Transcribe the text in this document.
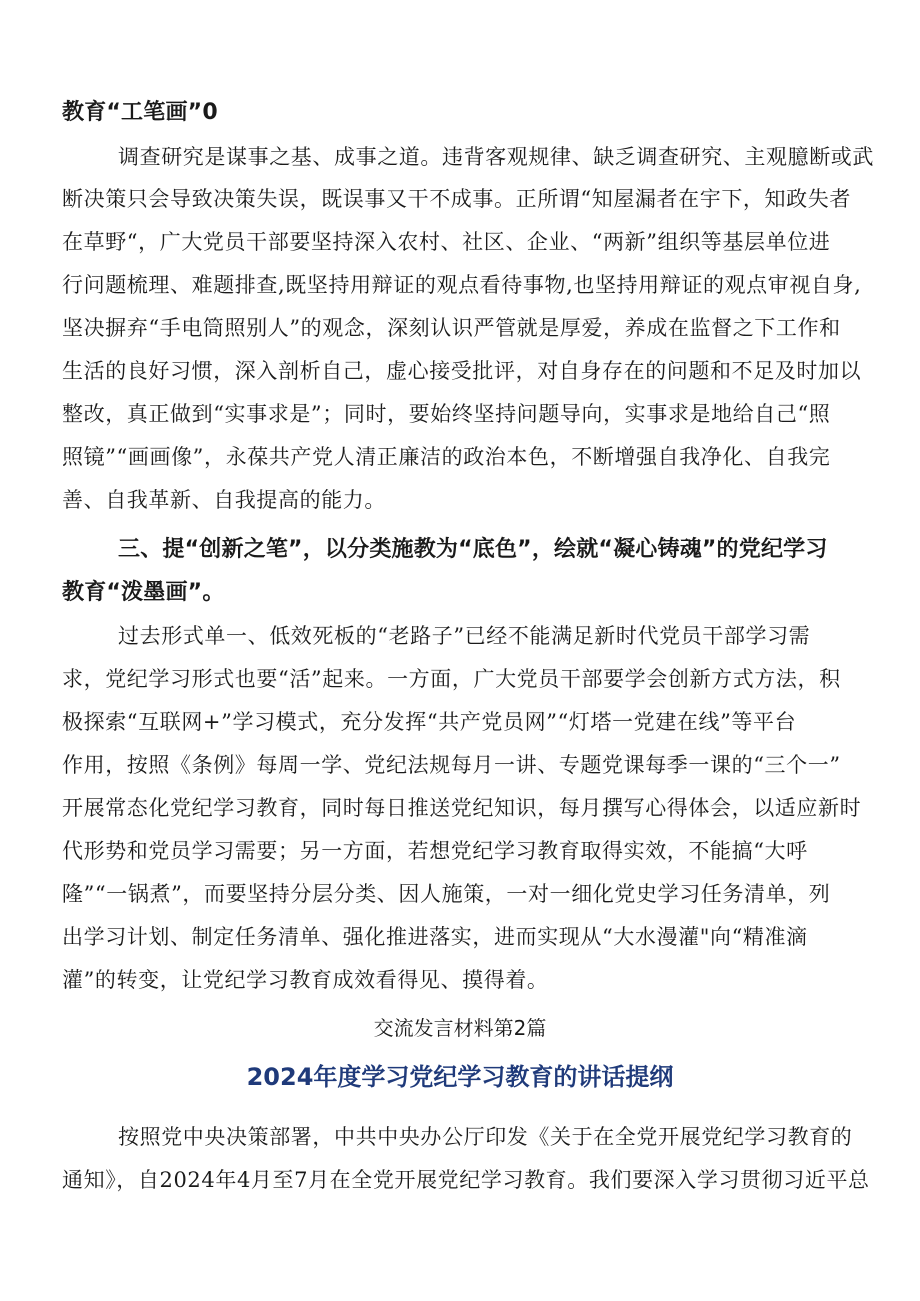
教育“工笔画”0
调查研究是谋事之基、成事之道。违背客观规律、缺乏调查研究、主观臆断或武
断决策只会导致决策失误，既误事又干不成事。正所谓“知屋漏者在宇下，知政失者
在草野“，广大党员干部要坚持深入农村、社区、企业、“两新”组织等基层单位进
行问题梳理、难题排查,既坚持用辩证的观点看待事物,也坚持用辩证的观点审视自身,
坚决摒弃“手电筒照别人”的观念，深刻认识严管就是厚爱，养成在监督之下工作和
生活的良好习惯，深入剖析自己，虚心接受批评，对自身存在的问题和不足及时加以
整改，真正做到“实事求是”；同时，要始终坚持问题导向，实事求是地给自己“照
照镜”“画画像”，永葆共产党人清正廉洁的政治本色，不断增强自我净化、自我完
善、自我革新、自我提高的能力。
三、提“创新之笔”，以分类施教为“底色”，绘就“凝心铸魂”的党纪学习
教育“泼墨画”。
过去形式单一、低效死板的“老路子”已经不能满足新时代党员干部学习需
求，党纪学习形式也要“活”起来。一方面，广大党员干部要学会创新方式方法，积
极探索“互联网+”学习模式，充分发挥“共产党员网”“灯塔一党建在线”等平台
作用，按照《条例》每周一学、党纪法规每月一讲、专题党课每季一课的“三个一”
开展常态化党纪学习教育，同时每日推送党纪知识，每月撰写心得体会，以适应新时
代形势和党员学习需要；另一方面，若想党纪学习教育取得实效，不能搞“大呼
隆”“一锅煮”，而要坚持分层分类、因人施策，一对一细化党史学习任务清单，列
出学习计划、制定任务清单、强化推进落实，进而实现从“大水漫灌"向“精准滴
灌”的转变，让党纪学习教育成效看得见、摸得着。
交流发言材料第2篇
2024年度学习党纪学习教育的讲话提纲
按照党中央决策部署，中共中央办公厅印发《关于在全党开展党纪学习教育的
通知》，自2024年4月至7月在全党开展党纪学习教育。我们要深入学习贯彻习近平总
